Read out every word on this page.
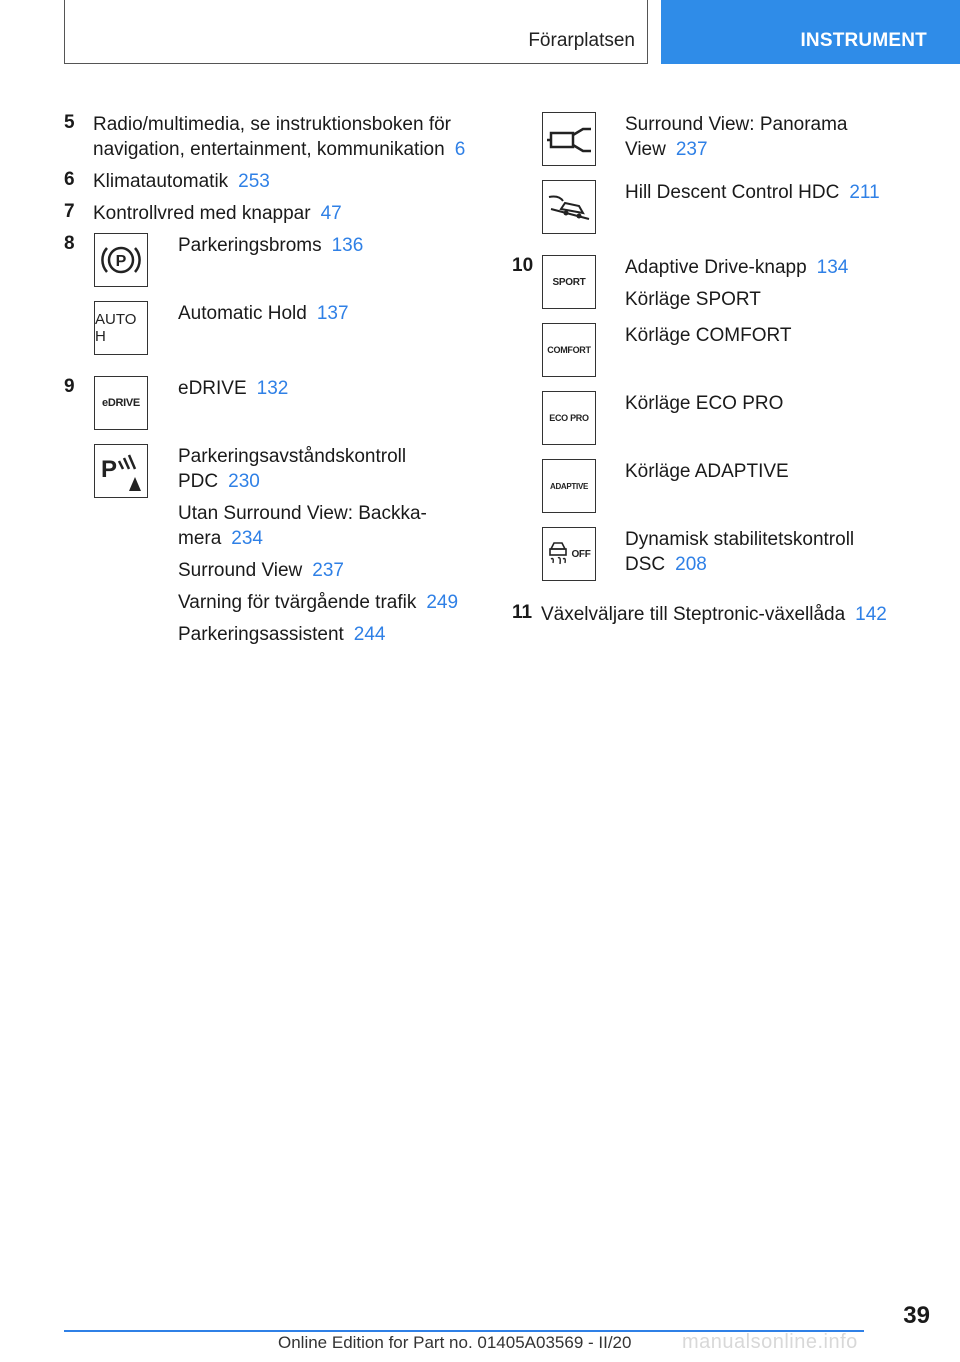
Förarplatsen	INSTRUMENT
5 Radio/multimedia, se instruktionsboken för
navigation, entertainment, kommunikation 6
6 Klimatautomatik 253
7 Kontrollvred med knappar 47
8
P
Parkeringsbroms 136
AUTO H
Automatic Hold 137
9
eDRIVE
eDRIVE 132
P	Parkeringsavståndskontroll
PDC 230
Utan Surround View: Backka-
mera 234
Surround View 237
Varning för tvärgående trafik 249
Parkeringsassistent 244
Surround View: Panorama
View 237
Hill Descent Control HDC 211
10
SPORT
Adaptive Drive-knapp 134
Körläge SPORT
COMFORT
Körläge COMFORT
ECO PRO
Körläge ECO PRO
ADAPTIVE
Körläge ADAPTIVE
OFF
Dynamisk stabilitetskontroll
DSC 208
11 Växelväljare till Steptronic-växellåda 142
39
Online Edition for Part no. 01405A03569 - II/20	manualsonline.info
